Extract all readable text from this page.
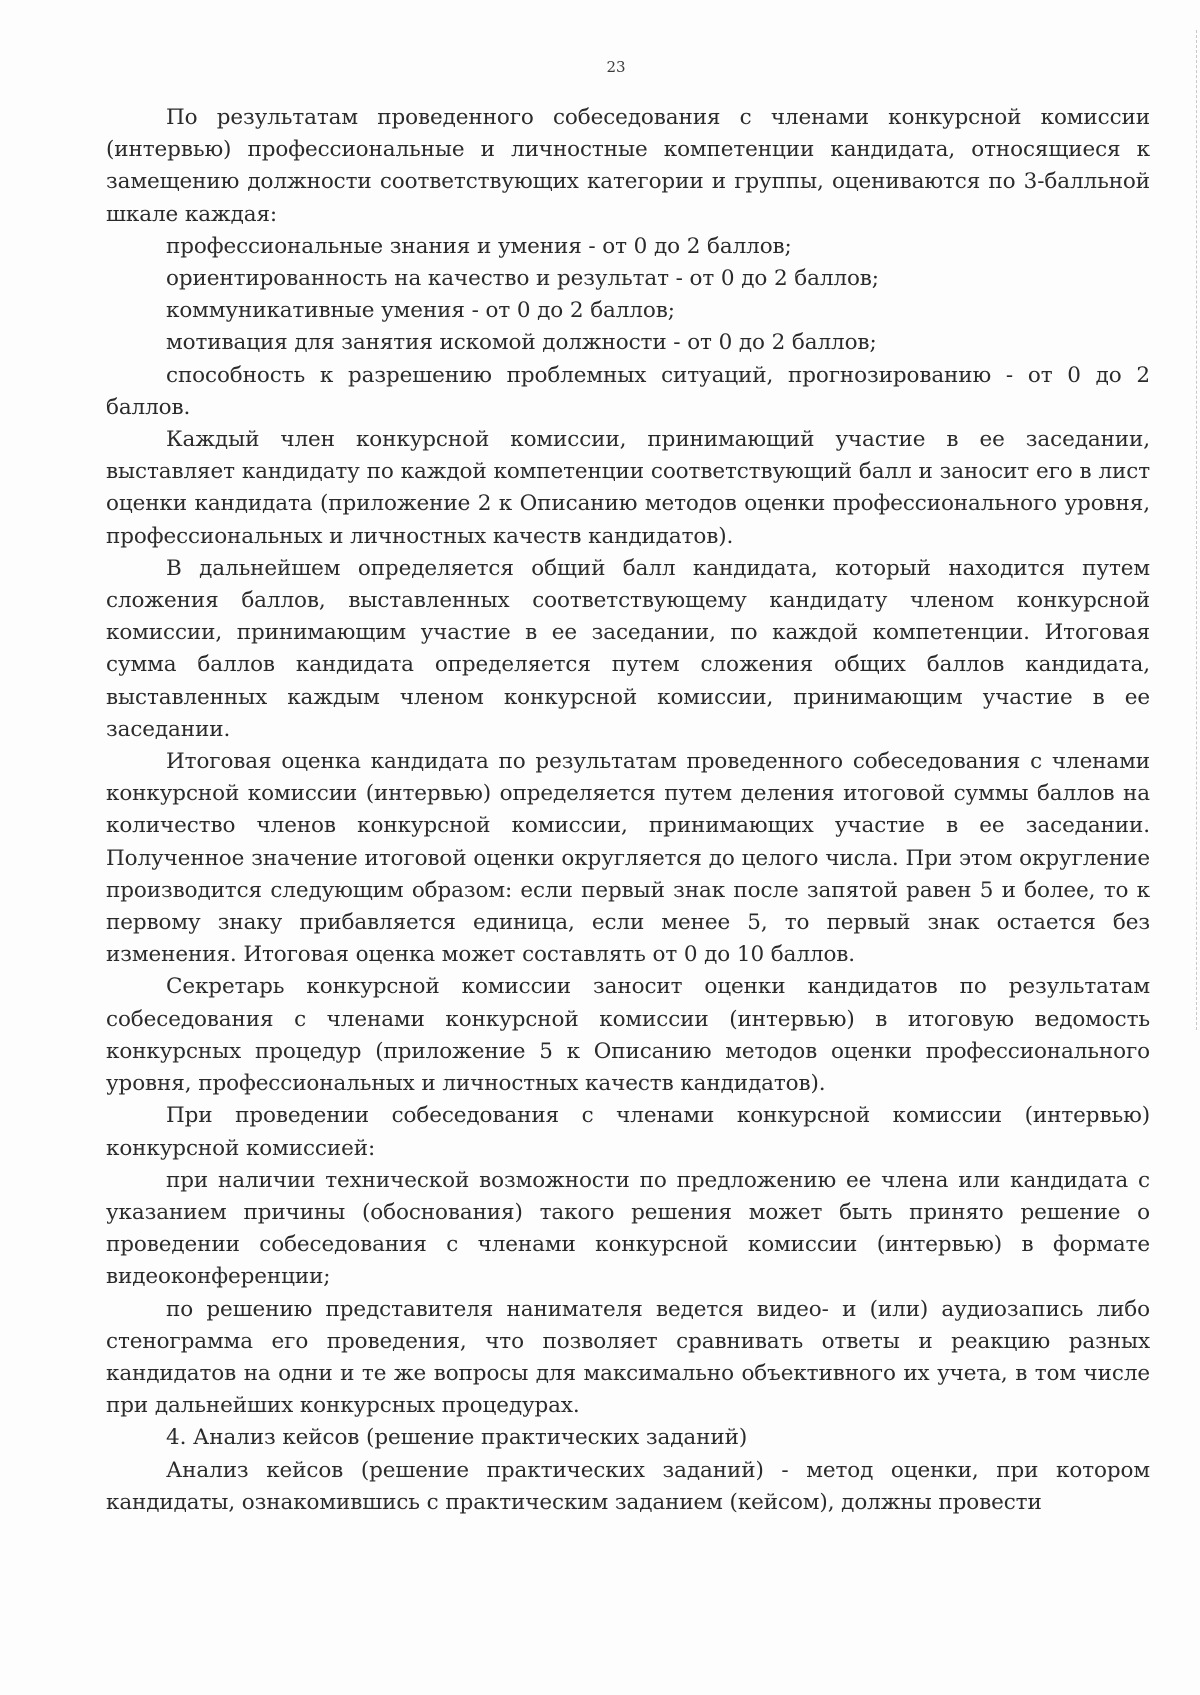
23

По результатам проведенного собеседования с членами конкурсной комиссии (интервью) профессиональные и личностные компетенции кандидата, относящиеся к замещению должности соответствующих категории и группы, оцениваются по 3-балльной шкале каждая:

профессиональные знания и умения - от 0 до 2 баллов;

ориентированность на качество и результат - от 0 до 2 баллов;

коммуникативные умения - от 0 до 2 баллов;

мотивация для занятия искомой должности - от 0 до 2 баллов;

способность к разрешению проблемных ситуаций, прогнозированию - от 0 до 2 баллов.

Каждый член конкурсной комиссии, принимающий участие в ее заседании, выставляет кандидату по каждой компетенции соответствующий балл и заносит его в лист оценки кандидата (приложение 2 к Описанию методов оценки профессионального уровня, профессиональных и личностных качеств кандидатов).

В дальнейшем определяется общий балл кандидата, который находится путем сложения баллов, выставленных соответствующему кандидату членом конкурсной комиссии, принимающим участие в ее заседании, по каждой компетенции. Итоговая сумма баллов кандидата определяется путем сложения общих баллов кандидата, выставленных каждым членом конкурсной комиссии, принимающим участие в ее заседании.

Итоговая оценка кандидата по результатам проведенного собеседования с членами конкурсной комиссии (интервью) определяется путем деления итоговой суммы баллов на количество членов конкурсной комиссии, принимающих участие в ее заседании. Полученное значение итоговой оценки округляется до целого числа. При этом округление производится следующим образом: если первый знак после запятой равен 5 и более, то к первому знаку прибавляется единица, если менее 5, то первый знак остается без изменения. Итоговая оценка может составлять от 0 до 10 баллов.

Секретарь конкурсной комиссии заносит оценки кандидатов по результатам собеседования с членами конкурсной комиссии (интервью) в итоговую ведомость конкурсных процедур (приложение 5 к Описанию методов оценки профессионального уровня, профессиональных и личностных качеств кандидатов).

При проведении собеседования с членами конкурсной комиссии (интервью) конкурсной комиссией:

при наличии технической возможности по предложению ее члена или кандидата с указанием причины (обоснования) такого решения может быть принято решение о проведении собеседования с членами конкурсной комиссии (интервью) в формате видеоконференции;

по решению представителя нанимателя ведется видео- и (или) аудиозапись либо стенограмма его проведения, что позволяет сравнивать ответы и реакцию разных кандидатов на одни и те же вопросы для максимально объективного их учета, в том числе при дальнейших конкурсных процедурах.

4. Анализ кейсов (решение практических заданий)

Анализ кейсов (решение практических заданий) - метод оценки, при котором кандидаты, ознакомившись с практическим заданием (кейсом), должны провести
